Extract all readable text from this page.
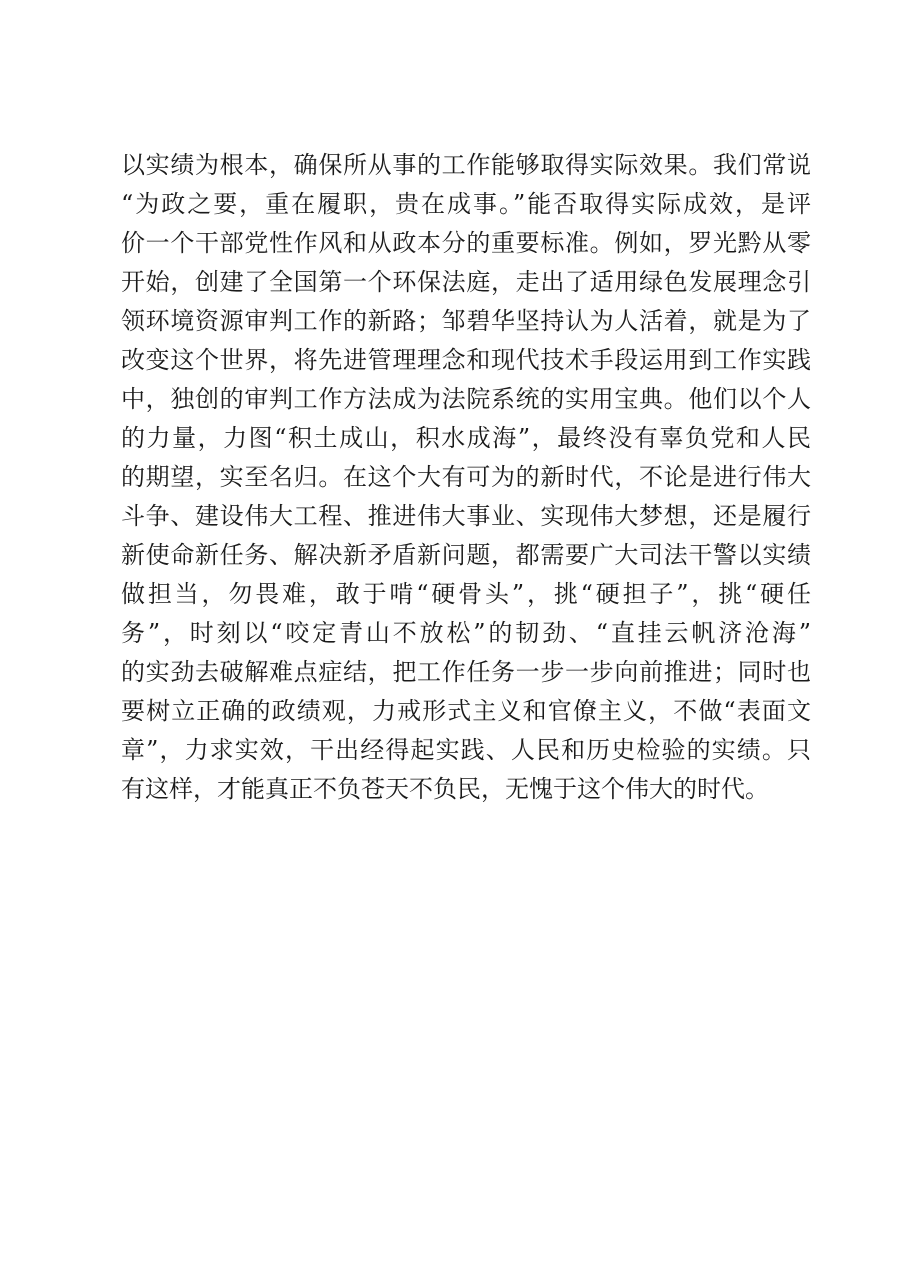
以实绩为根本，确保所从事的工作能够取得实际效果。我们常说
“为政之要，重在履职，贵在成事。”能否取得实际成效，是评
价一个干部党性作风和从政本分的重要标准。例如，罗光黔从零
开始，创建了全国第一个环保法庭，走出了适用绿色发展理念引
领环境资源审判工作的新路；邹碧华坚持认为人活着，就是为了
改变这个世界，将先进管理理念和现代技术手段运用到工作实践
中，独创的审判工作方法成为法院系统的实用宝典。他们以个人
的力量，力图“积土成山，积水成海”，最终没有辜负党和人民
的期望，实至名归。在这个大有可为的新时代，不论是进行伟大
斗争、建设伟大工程、推进伟大事业、实现伟大梦想，还是履行
新使命新任务、解决新矛盾新问题，都需要广大司法干警以实绩
做担当，勿畏难，敢于啃“硬骨头”，挑“硬担子”，挑“硬任
务”，时刻以“咬定青山不放松”的韧劲、“直挂云帆济沧海”
的实劲去破解难点症结，把工作任务一步一步向前推进；同时也
要树立正确的政绩观，力戒形式主义和官僚主义，不做“表面文
章”，力求实效，干出经得起实践、人民和历史检验的实绩。只
有这样，才能真正不负苍天不负民，无愧于这个伟大的时代。
